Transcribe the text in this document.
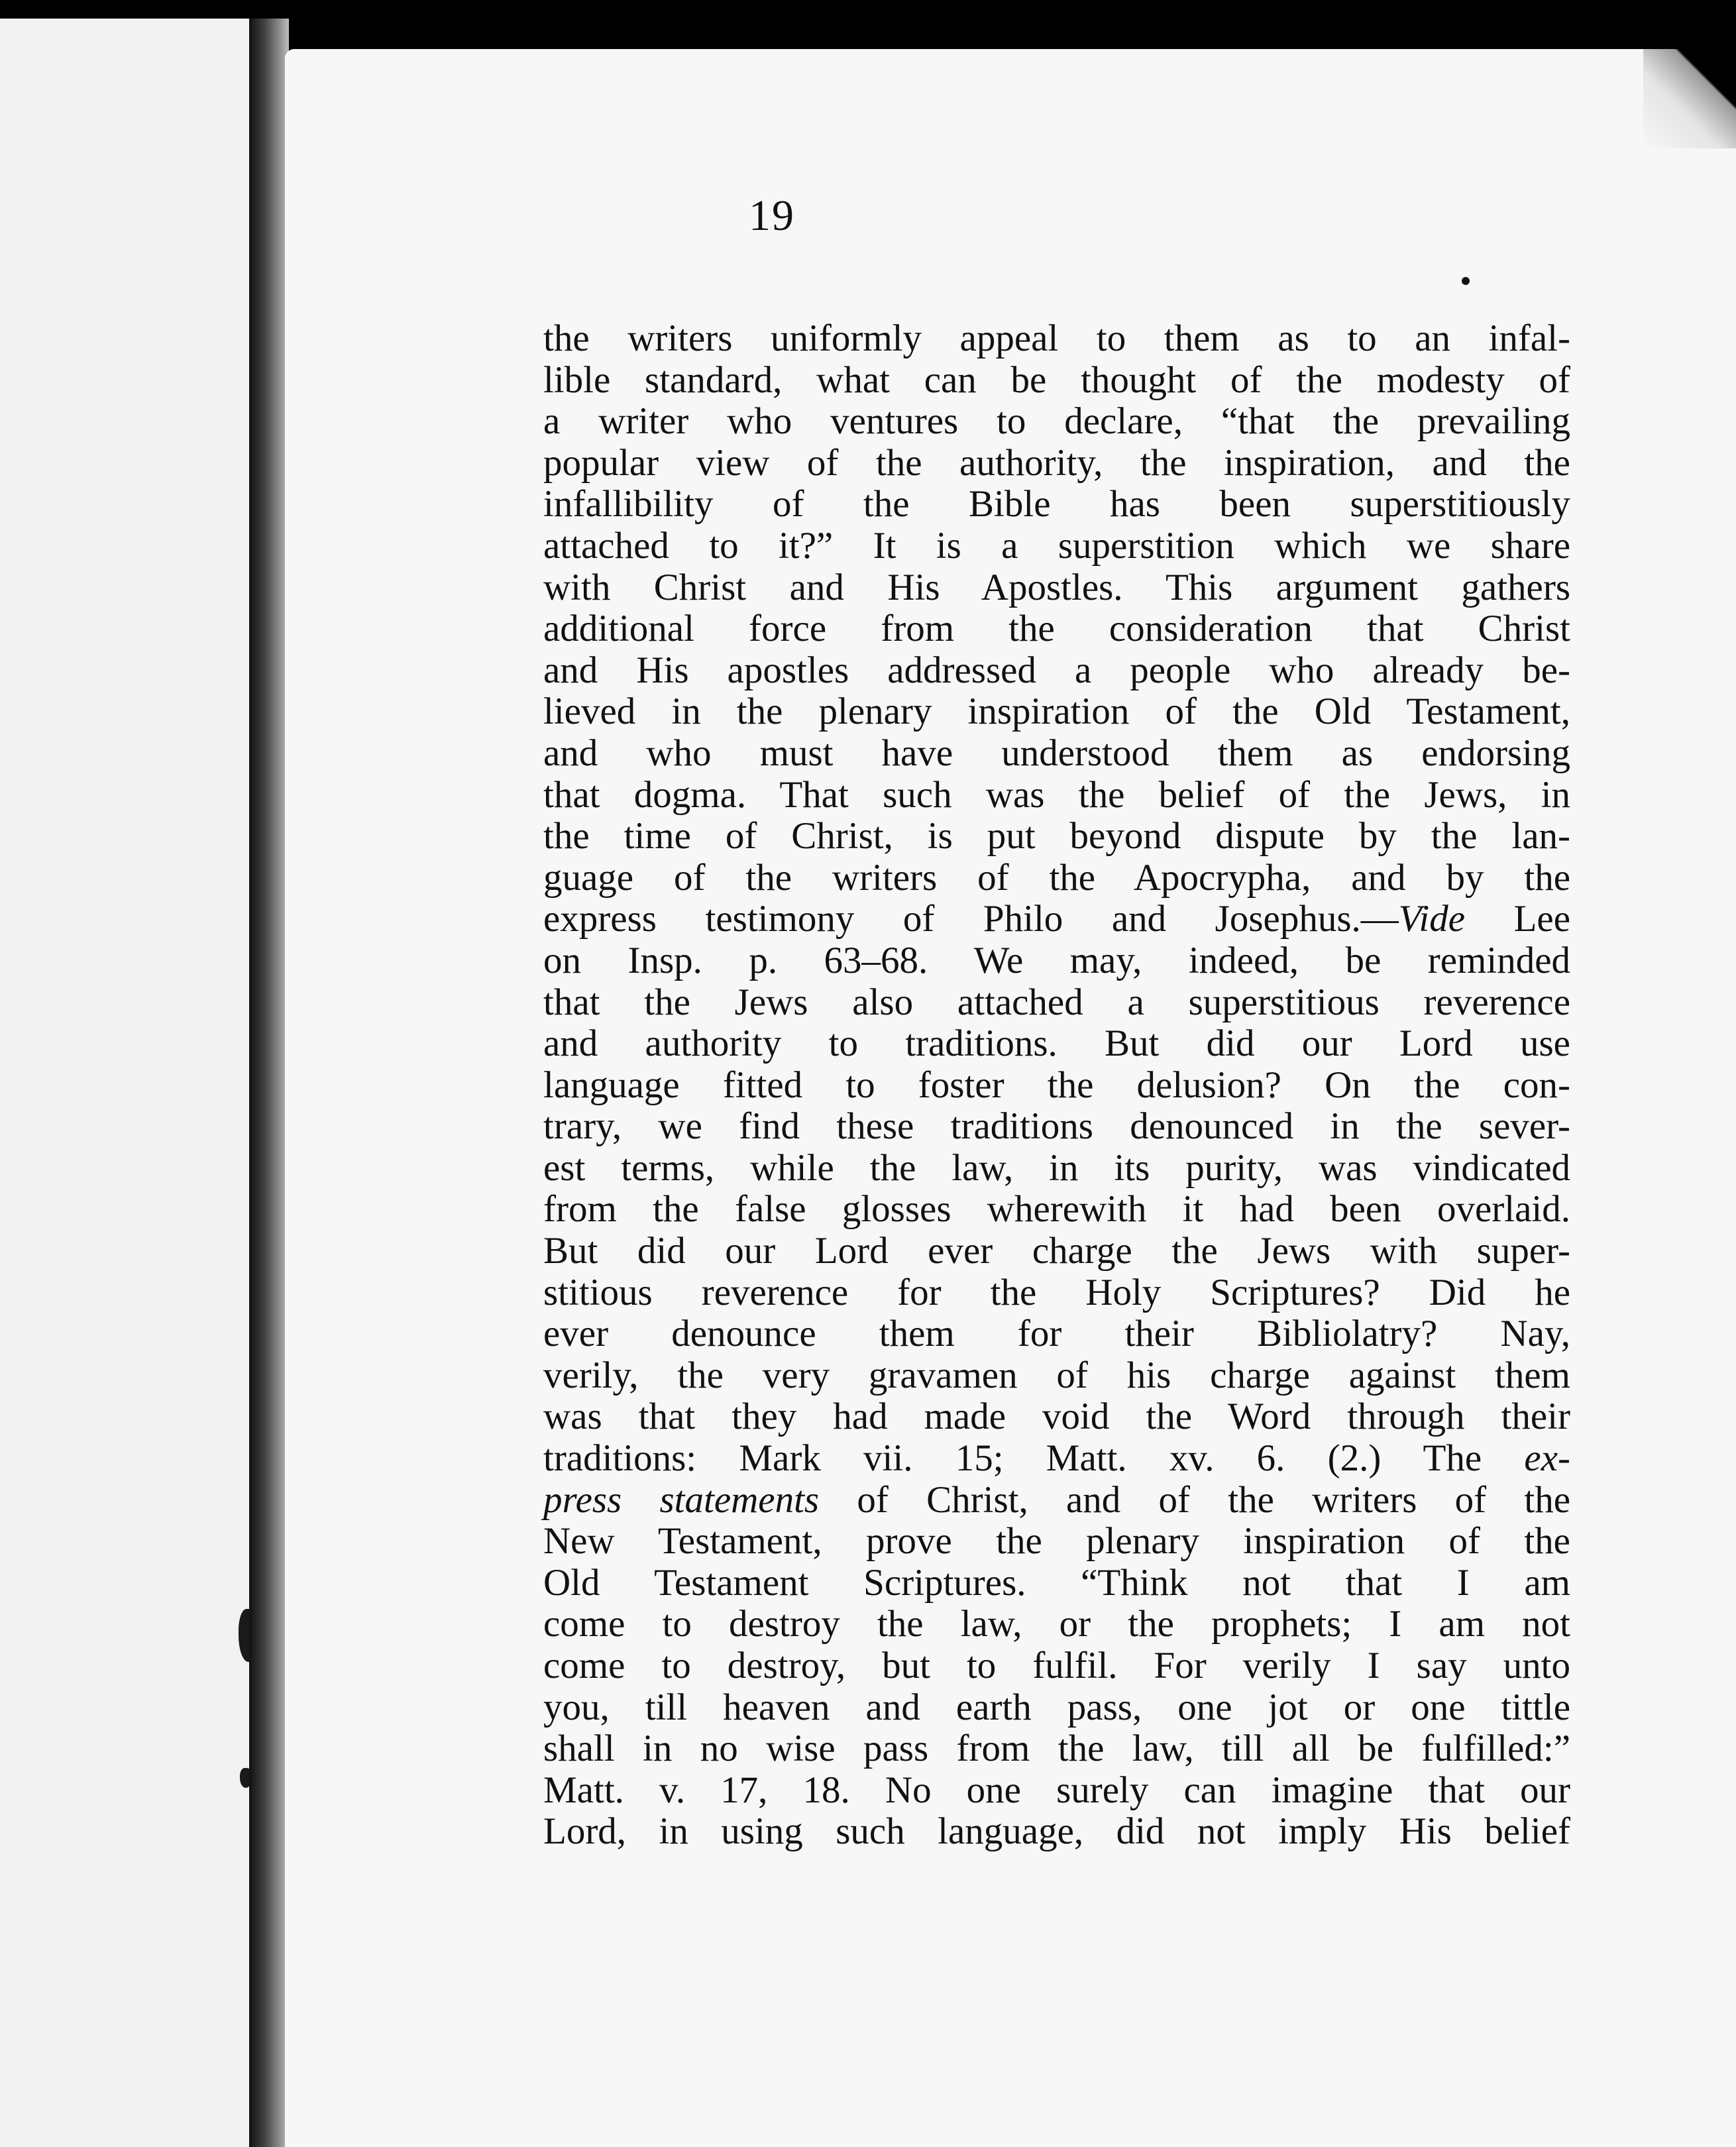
19
the writers uniformly appeal to them as to an infal-
lible standard, what can be thought of the modesty of
a writer who ventures to declare, “that the prevailing
popular view of the authority, the inspiration, and the
infallibility of the Bible has been superstitiously
attached to it?” It is a superstition which we share
with Christ and His Apostles. This argument gathers
additional force from the consideration that Christ
and His apostles addressed a people who already be-
lieved in the plenary inspiration of the Old Testament,
and who must have understood them as endorsing
that dogma. That such was the belief of the Jews, in
the time of Christ, is put beyond dispute by the lan-
guage of the writers of the Apocrypha, and by the
express testimony of Philo and Josephus.—Vide Lee
on Insp. p. 63–68. We may, indeed, be reminded
that the Jews also attached a superstitious reverence
and authority to traditions. But did our Lord use
language fitted to foster the delusion? On the con-
trary, we find these traditions denounced in the sever-
est terms, while the law, in its purity, was vindicated
from the false glosses wherewith it had been overlaid.
But did our Lord ever charge the Jews with super-
stitious reverence for the Holy Scriptures? Did he
ever denounce them for their Bibliolatry? Nay,
verily, the very gravamen of his charge against them
was that they had made void the Word through their
traditions: Mark vii. 15; Matt. xv. 6. (2.) The ex-
press statements of Christ, and of the writers of the
New Testament, prove the plenary inspiration of the
Old Testament Scriptures. “Think not that I am
come to destroy the law, or the prophets; I am not
come to destroy, but to fulfil. For verily I say unto
you, till heaven and earth pass, one jot or one tittle
shall in no wise pass from the law, till all be fulfilled:”
Matt. v. 17, 18. No one surely can imagine that our
Lord, in using such language, did not imply His belief
